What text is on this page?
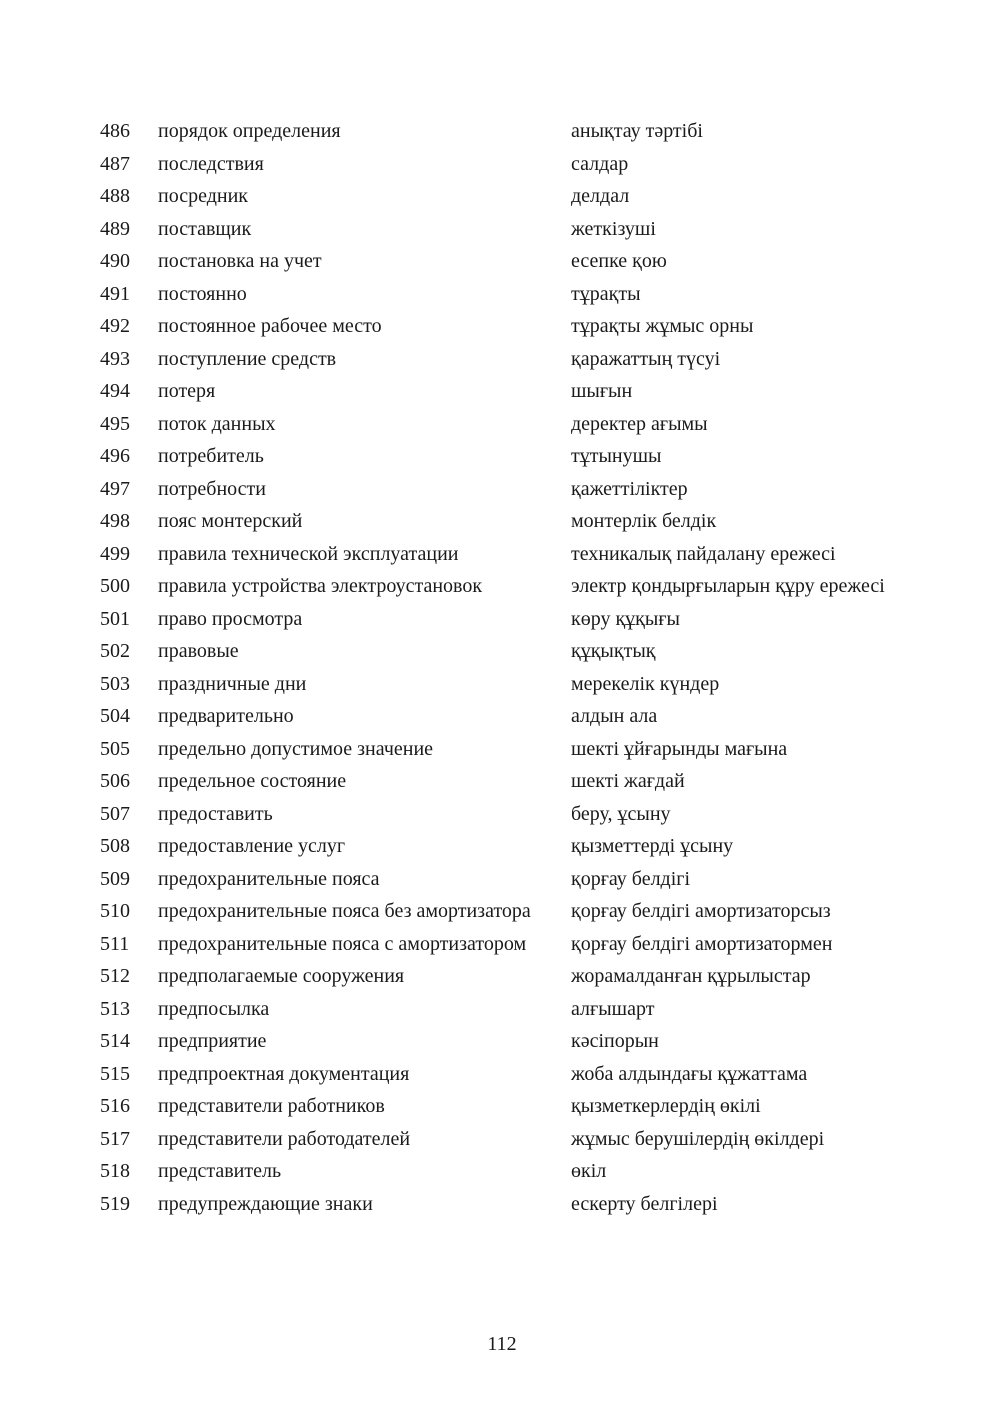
486	порядок определения	анықтау тәртібі
487	последствия	салдар
488	посредник	делдал
489	поставщик	жеткізуші
490	постановка на учет	есепке қою
491	постоянно	тұрақты
492	постоянное рабочее место	тұрақты жұмыс орны
493	поступление средств	қаражаттың түсуі
494	потеря	шығын
495	поток данных	деректер ағымы
496	потребитель	тұтынушы
497	потребности	қажеттіліктер
498	пояс монтерский	монтерлік белдік
499	правила технической эксплуатации	техникалық пайдалану ережесі
500	правила устройства электроустановок	электр қондырғыларын құру ережесі
501	право просмотра	көру құқығы
502	правовые	құқықтық
503	праздничные дни	мерекелік күндер
504	предварительно	алдын ала
505	предельно допустимое значение	шекті ұйғарынды мағына
506	предельное состояние	шекті жағдай
507	предоставить	беру, ұсыну
508	предоставление услуг	қызметтерді ұсыну
509	предохранительные пояса	қорғау белдігі
510	предохранительные пояса без амортизатора	қорғау белдігі амортизаторсыз
511	предохранительные пояса с амортизатором	қорғау белдігі амортизатормен
512	предполагаемые сооружения	жорамалданған құрылыстар
513	предпосылка	алғышарт
514	предприятие	кәсіпорын
515	предпроектная документация	жоба алдындағы құжаттама
516	представители работников	қызметкерлердің өкілі
517	представители работодателей	жұмыс берушілердің өкілдері
518	представитель	өкіл
519	предупреждающие знаки	ескерту белгілері
112
